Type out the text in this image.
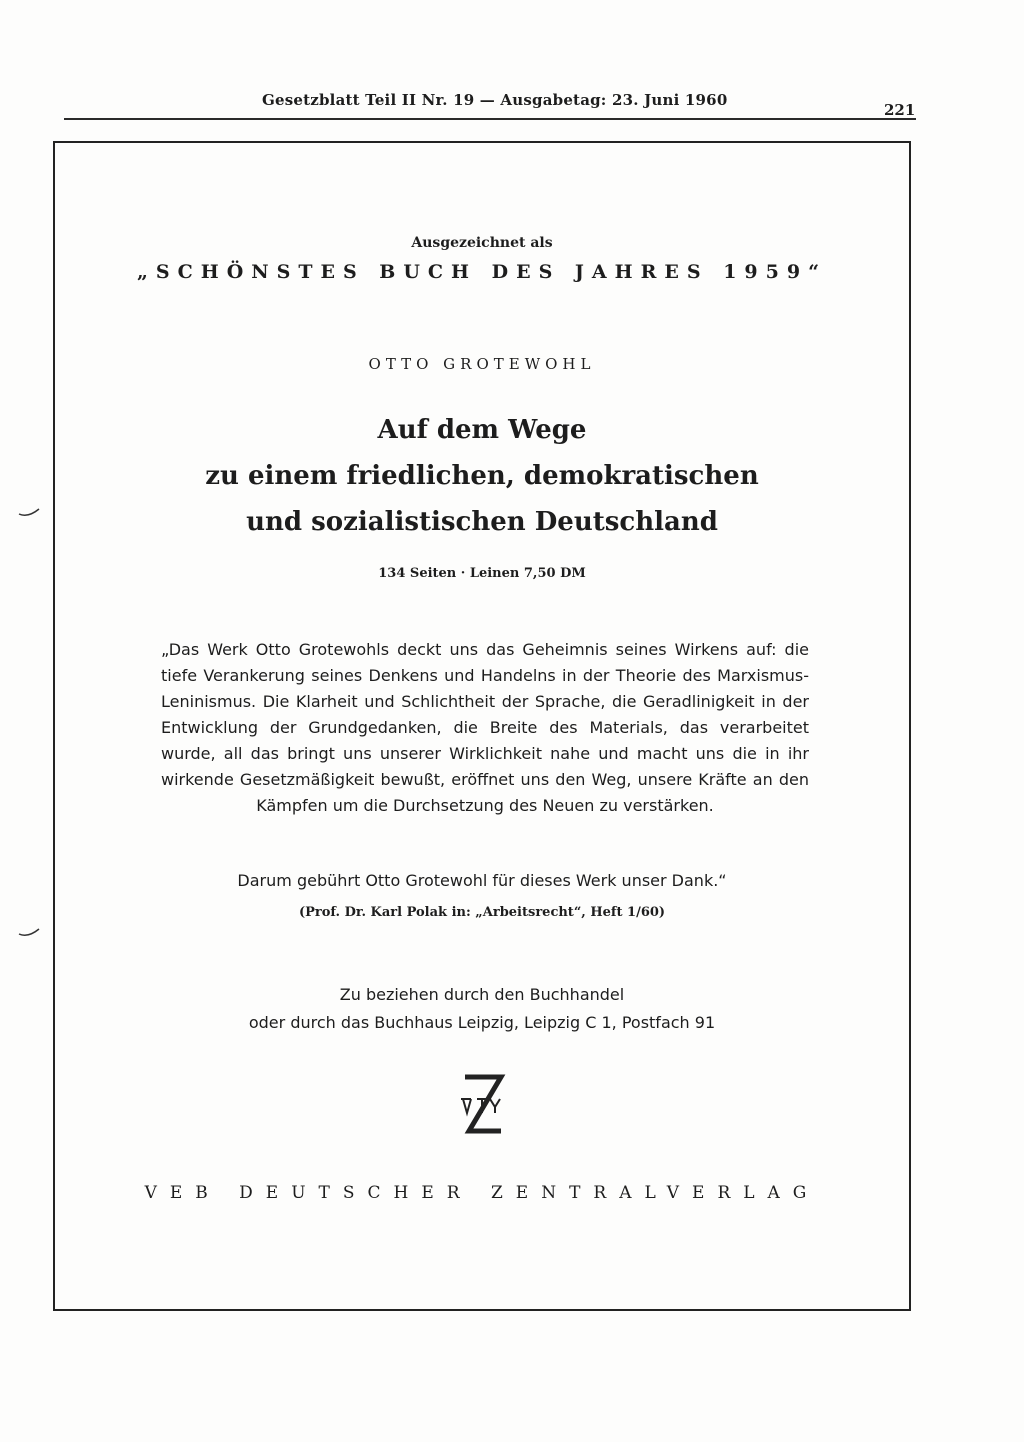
Gesetzblatt Teil II Nr. 19 — Ausgabetag: 23. Juni 1960
221
Ausgezeichnet als
„SCHÖNSTES BUCH DES JAHRES 1959“
OTTO GROTEWOHL
Auf dem Wege
zu einem friedlichen, demokratischen
und sozialistischen Deutschland
134 Seiten · Leinen 7,50 DM
„Das Werk Otto Grotewohls deckt uns das Geheimnis seines Wirkens auf: die tiefe Verankerung seines Denkens und Handelns in der Theorie des Marxismus-Leninismus. Die Klarheit und Schlichtheit der Sprache, die Geradlinigkeit in der Entwicklung der Grundgedanken, die Breite des Materials, das verarbeitet wurde, all das bringt uns unserer Wirklichkeit nahe und macht uns die in ihr wirkende Gesetzmäßigkeit bewußt, eröffnet uns den Weg, unsere Kräfte an den Kämpfen um die Durchsetzung des Neuen zu verstärken.
Darum gebührt Otto Grotewohl für dieses Werk unser Dank.“
(Prof. Dr. Karl Polak in: „Arbeitsrecht“, Heft 1/60)
Zu beziehen durch den Buchhandel
oder durch das Buchhaus Leipzig, Leipzig C 1, Postfach 91
VEB DEUTSCHER ZENTRALVERLAG
